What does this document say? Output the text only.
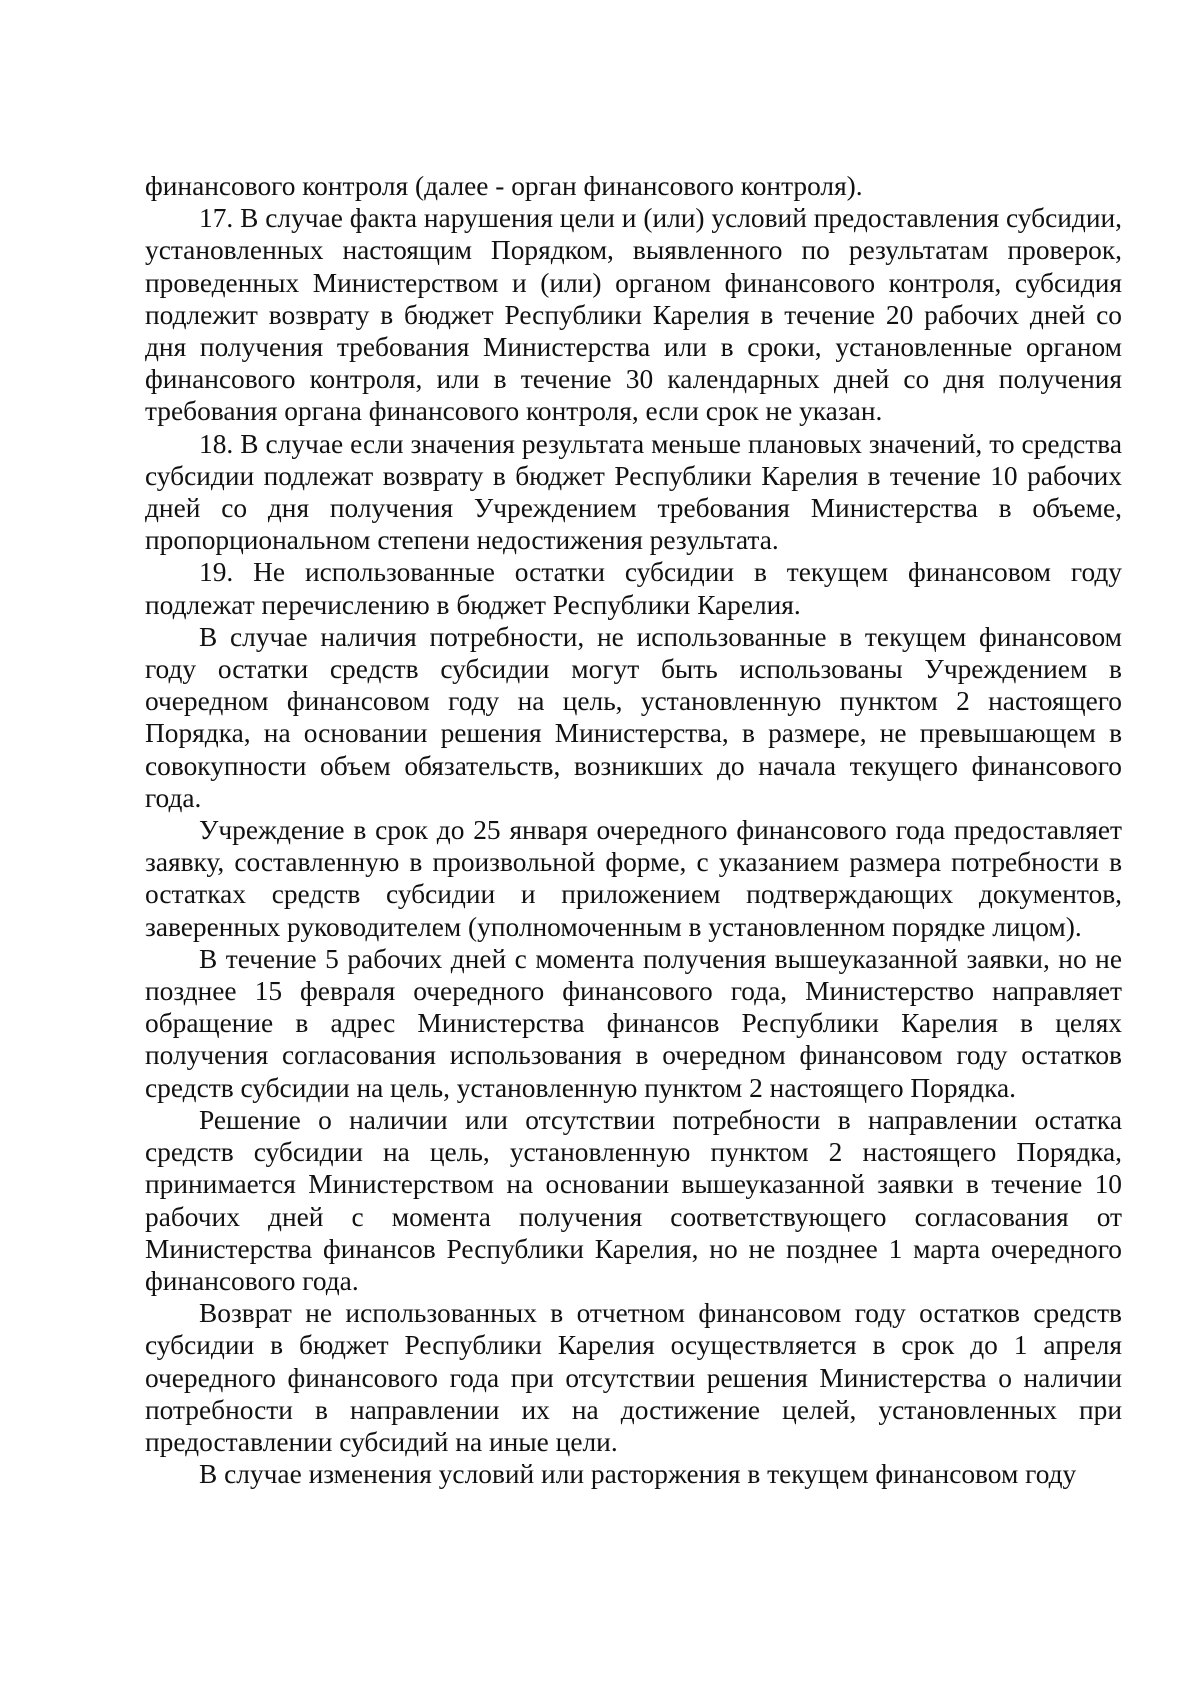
финансового контроля (далее - орган финансового контроля).

17. В случае факта нарушения цели и (или) условий предоставления субсидии, установленных настоящим Порядком, выявленного по результатам проверок, проведенных Министерством и (или) органом финансового контроля, субсидия подлежит возврату в бюджет Республики Карелия в течение 20 рабочих дней со дня получения требования Министерства или в сроки, установленные органом финансового контроля, или в течение 30 календарных дней со дня получения требования органа финансового контроля, если срок не указан.

18. В случае если значения результата меньше плановых значений, то средства субсидии подлежат возврату в бюджет Республики Карелия в течение 10 рабочих дней со дня получения Учреждением требования Министерства в объеме, пропорциональном степени недостижения результата.

19. Не использованные остатки субсидии в текущем финансовом году подлежат перечислению в бюджет Республики Карелия.

В случае наличия потребности, не использованные в текущем финансовом году остатки средств субсидии могут быть использованы Учреждением в очередном финансовом году на цель, установленную пунктом 2 настоящего Порядка, на основании решения Министерства, в размере, не превышающем в совокупности объем обязательств, возникших до начала текущего финансового года.

Учреждение в срок до 25 января очередного финансового года предоставляет заявку, составленную в произвольной форме, с указанием размера потребности в остатках средств субсидии и приложением подтверждающих документов, заверенных руководителем (уполномоченным в установленном порядке лицом).

В течение 5 рабочих дней с момента получения вышеуказанной заявки, но не позднее 15 февраля очередного финансового года, Министерство направляет обращение в адрес Министерства финансов Республики Карелия в целях получения согласования использования в очередном финансовом году остатков средств субсидии на цель, установленную пунктом 2 настоящего Порядка.

Решение о наличии или отсутствии потребности в направлении остатка средств субсидии на цель, установленную пунктом 2 настоящего Порядка, принимается Министерством на основании вышеуказанной заявки в течение 10 рабочих дней с момента получения соответствующего согласования от Министерства финансов Республики Карелия, но не позднее 1 марта очередного финансового года.

Возврат не использованных в отчетном финансовом году остатков средств субсидии в бюджет Республики Карелия осуществляется в срок до 1 апреля очередного финансового года при отсутствии решения Министерства о наличии потребности в направлении их на достижение целей, установленных при предоставлении субсидий на иные цели.

В случае изменения условий или расторжения в текущем финансовом году
